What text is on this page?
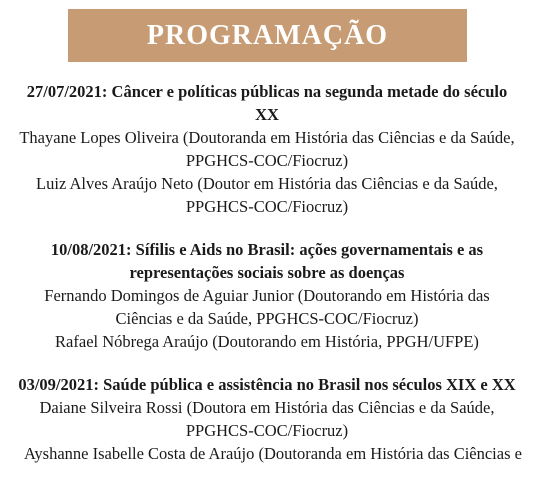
PROGRAMAÇÃO
27/07/2021: Câncer e políticas públicas na segunda metade do século XX
Thayane Lopes Oliveira (Doutoranda em História das Ciências e da Saúde, PPGHCS-COC/Fiocruz)
Luiz Alves Araújo Neto (Doutor em História das Ciências e da Saúde, PPGHCS-COC/Fiocruz)
10/08/2021: Sífilis e Aids no Brasil: ações governamentais e as representações sociais sobre as doenças
Fernando Domingos de Aguiar Junior (Doutorando em História das Ciências e da Saúde, PPGHCS-COC/Fiocruz)
Rafael Nóbrega Araújo (Doutorando em História, PPGH/UFPE)
03/09/2021: Saúde pública e assistência no Brasil nos séculos XIX e XX
Daiane Silveira Rossi (Doutora em História das Ciências e da Saúde, PPGHCS-COC/Fiocruz)
Ayshanne Isabelle Costa de Araújo (Doutoranda em História das Ciências e
